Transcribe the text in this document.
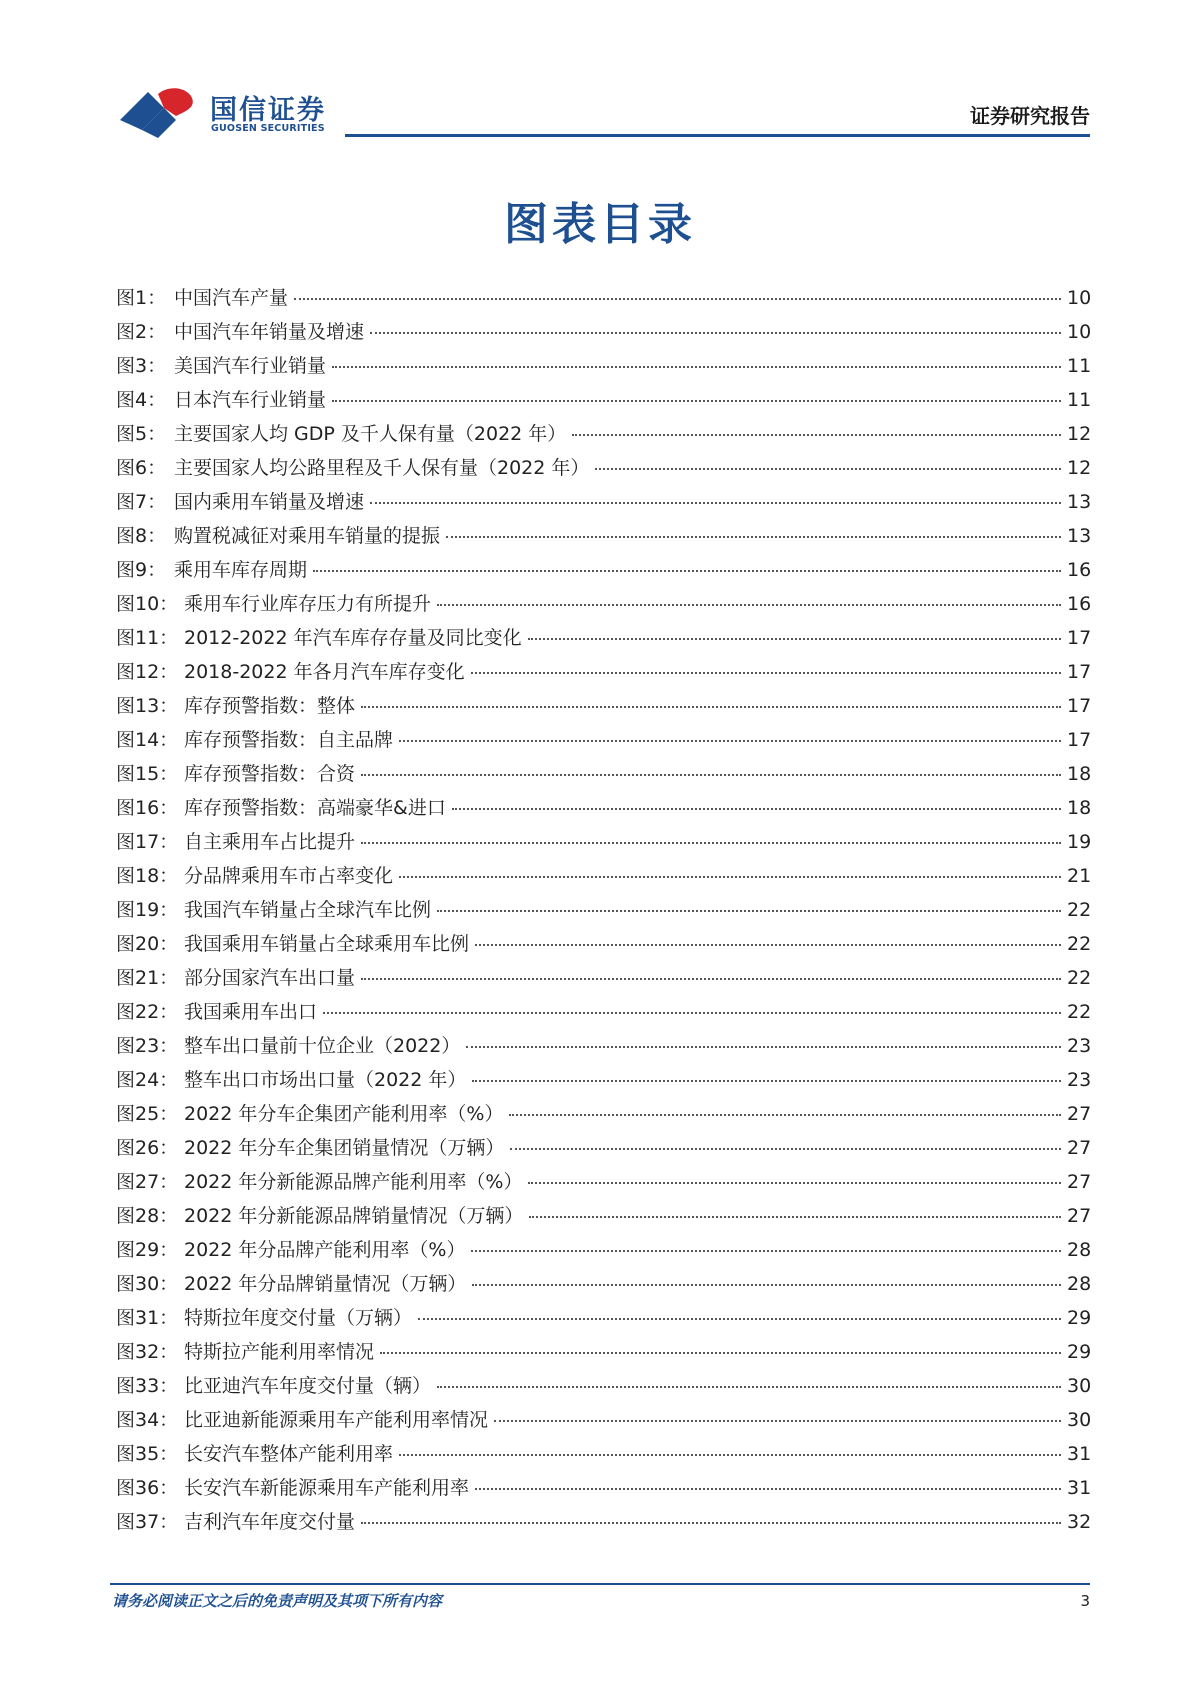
国信证券
GUOSEN SECURITIES
证券研究报告
图表目录
图1： 中国汽车产量	10
图2： 中国汽车年销量及增速	10
图3： 美国汽车行业销量	11
图4： 日本汽车行业销量	11
图5： 主要国家人均 GDP 及千人保有量（2022 年）	12
图6： 主要国家人均公路里程及千人保有量（2022 年）	12
图7： 国内乘用车销量及增速	13
图8： 购置税减征对乘用车销量的提振	13
图9： 乘用车库存周期	16
图10： 乘用车行业库存压力有所提升	16
图11： 2012-2022 年汽车库存存量及同比变化	17
图12： 2018-2022 年各月汽车库存变化	17
图13： 库存预警指数：整体	17
图14： 库存预警指数：自主品牌	17
图15： 库存预警指数：合资	18
图16： 库存预警指数：高端豪华&进口	18
图17： 自主乘用车占比提升	19
图18： 分品牌乘用车市占率变化	21
图19： 我国汽车销量占全球汽车比例	22
图20： 我国乘用车销量占全球乘用车比例	22
图21： 部分国家汽车出口量	22
图22： 我国乘用车出口	22
图23： 整车出口量前十位企业（2022）	23
图24： 整车出口市场出口量（2022 年）	23
图25： 2022 年分车企集团产能利用率（%）	27
图26： 2022 年分车企集团销量情况（万辆）	27
图27： 2022 年分新能源品牌产能利用率（%）	27
图28： 2022 年分新能源品牌销量情况（万辆）	27
图29： 2022 年分品牌产能利用率（%）	28
图30： 2022 年分品牌销量情况（万辆）	28
图31： 特斯拉年度交付量（万辆）	29
图32： 特斯拉产能利用率情况	29
图33： 比亚迪汽车年度交付量（辆）	30
图34： 比亚迪新能源乘用车产能利用率情况	30
图35： 长安汽车整体产能利用率	31
图36： 长安汽车新能源乘用车产能利用率	31
图37： 吉利汽车年度交付量	32
请务必阅读正文之后的免责声明及其项下所有内容	3
